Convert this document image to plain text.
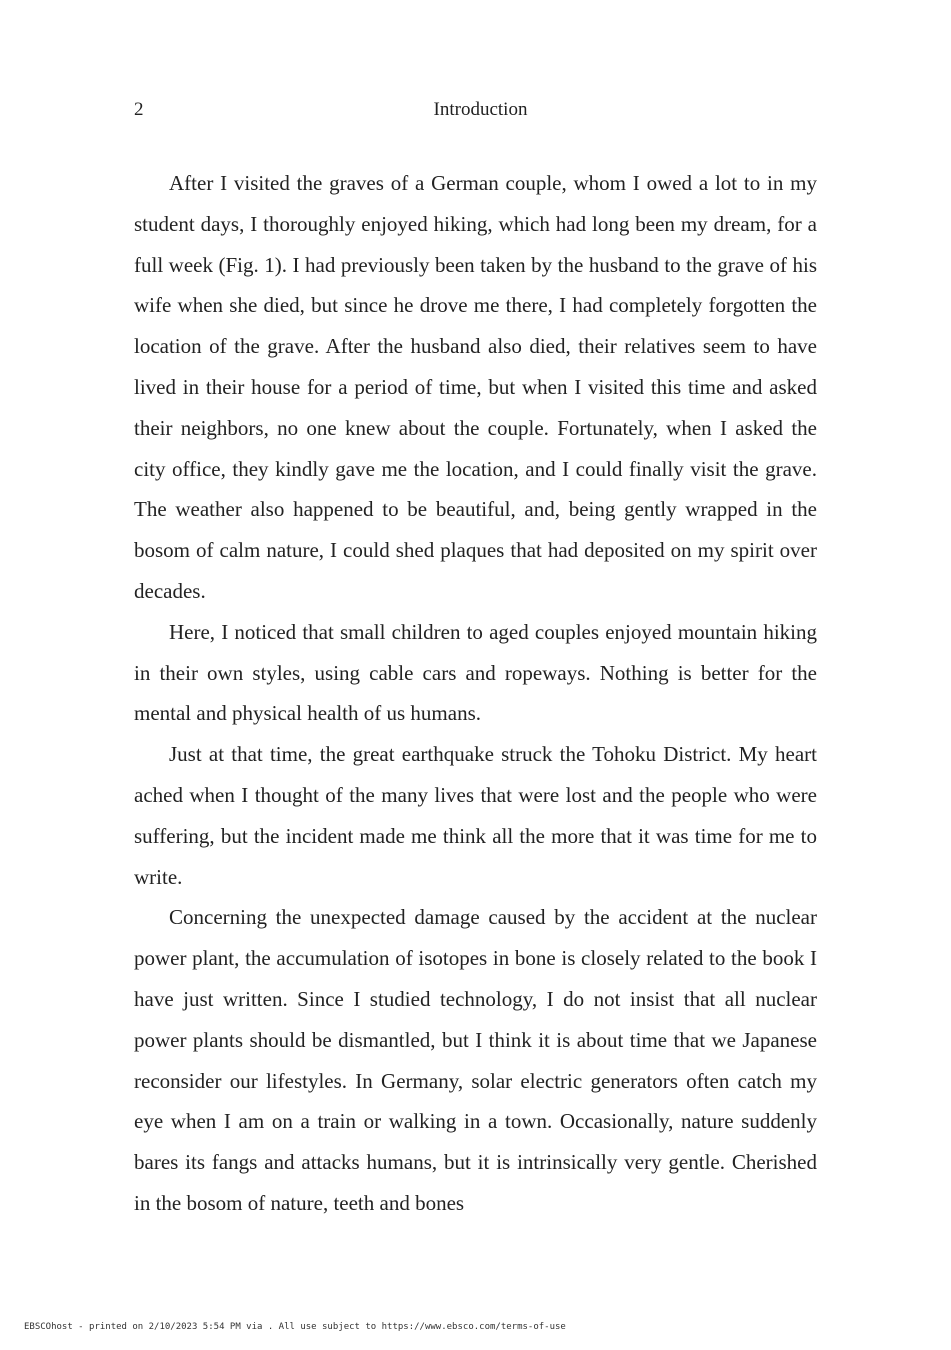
2	Introduction

After I visited the graves of a German couple, whom I owed a lot to in my student days, I thoroughly enjoyed hiking, which had long been my dream, for a full week (Fig. 1). I had previously been taken by the husband to the grave of his wife when she died, but since he drove me there, I had completely forgotten the location of the grave. After the husband also died, their relatives seem to have lived in their house for a period of time, but when I visited this time and asked their neighbors, no one knew about the couple. Fortunately, when I asked the city office, they kindly gave me the location, and I could finally visit the grave. The weather also happened to be beautiful, and, being gently wrapped in the bosom of calm nature, I could shed plaques that had deposited on my spirit over decades.

Here, I noticed that small children to aged couples enjoyed mountain hiking in their own styles, using cable cars and ropeways. Nothing is better for the mental and physical health of us humans.

Just at that time, the great earthquake struck the Tohoku District. My heart ached when I thought of the many lives that were lost and the people who were suffering, but the incident made me think all the more that it was time for me to write.

Concerning the unexpected damage caused by the accident at the nuclear power plant, the accumulation of isotopes in bone is closely related to the book I have just written. Since I studied technology, I do not insist that all nuclear power plants should be dismantled, but I think it is about time that we Japanese reconsider our lifestyles. In Germany, solar electric generators often catch my eye when I am on a train or walking in a town. Occasionally, nature suddenly bares its fangs and attacks humans, but it is intrinsically very gentle. Cherished in the bosom of nature, teeth and bones

EBSCOhost - printed on 2/10/2023 5:54 PM via . All use subject to https://www.ebsco.com/terms-of-use
